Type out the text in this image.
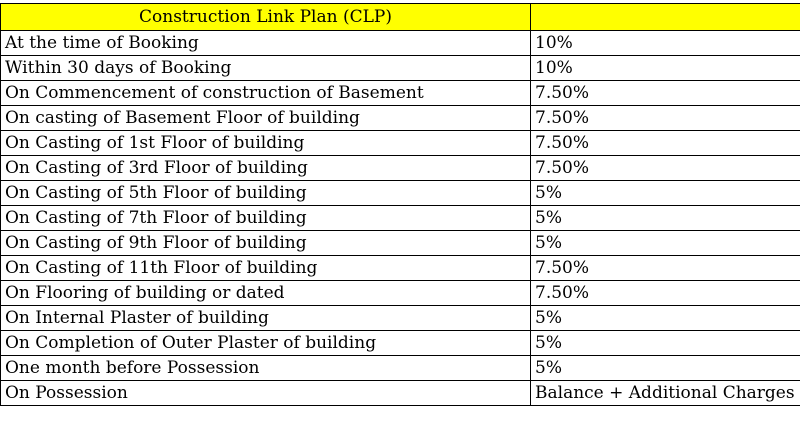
Construction Link Plan (CLP)	
At the time of Booking	10%
Within 30 days of Booking	10%
On Commencement of construction of Basement	7.50%
On casting of Basement Floor of building	7.50%
On Casting of 1st Floor of building	7.50%
On Casting of 3rd Floor of building	7.50%
On Casting of 5th Floor of building	5%
On Casting of 7th Floor of building	5%
On Casting of 9th Floor of building	5%
On Casting of 11th Floor of building	7.50%
On Flooring of building or dated	7.50%
On Internal Plaster of building	5%
On Completion of Outer Plaster of building	5%
One month before Possession	5%
On Possession	Balance + Additional Charges
